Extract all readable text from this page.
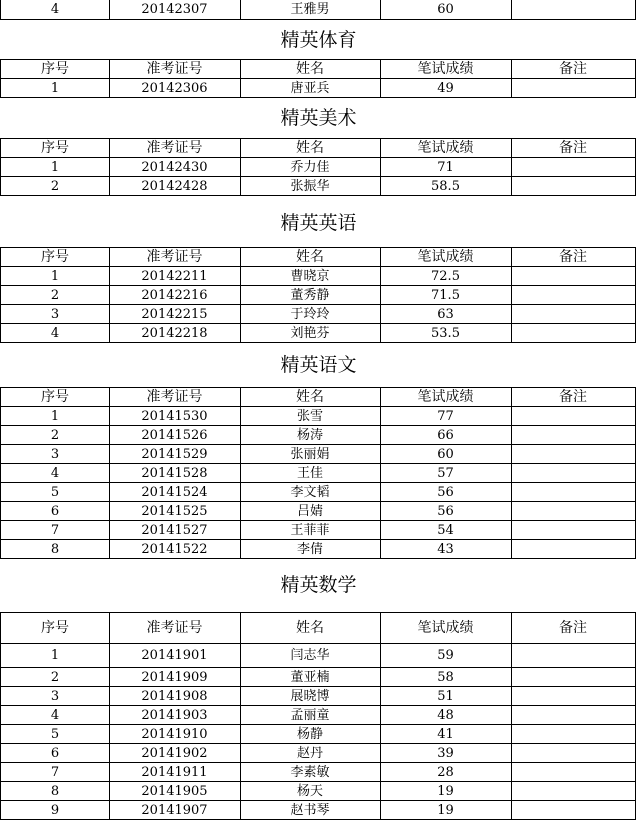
4	20142307	王雅男	60
精英体育
序号	准考证号	姓名	笔试成绩	备注
1	20142306	唐亚兵	49
精英美术
序号	准考证号	姓名	笔试成绩	备注
1	20142430	乔力佳	71
2	20142428	张振华	58.5
精英英语
序号	准考证号	姓名	笔试成绩	备注
1	20142211	曹晓京	72.5
2	20142216	董秀静	71.5
3	20142215	于玲玲	63
4	20142218	刘艳芬	53.5
精英语文
序号	准考证号	姓名	笔试成绩	备注
1	20141530	张雪	77
2	20141526	杨涛	66
3	20141529	张丽娟	60
4	20141528	王佳	57
5	20141524	李文韬	56
6	20141525	吕婧	56
7	20141527	王菲菲	54
8	20141522	李倩	43
精英数学
序号	准考证号	姓名	笔试成绩	备注
1	20141901	闫志华	59
2	20141909	董亚楠	58
3	20141908	展晓博	51
4	20141903	孟丽童	48
5	20141910	杨静	41
6	20141902	赵丹	39
7	20141911	李素敏	28
8	20141905	杨天	19
9	20141907	赵书琴	19
